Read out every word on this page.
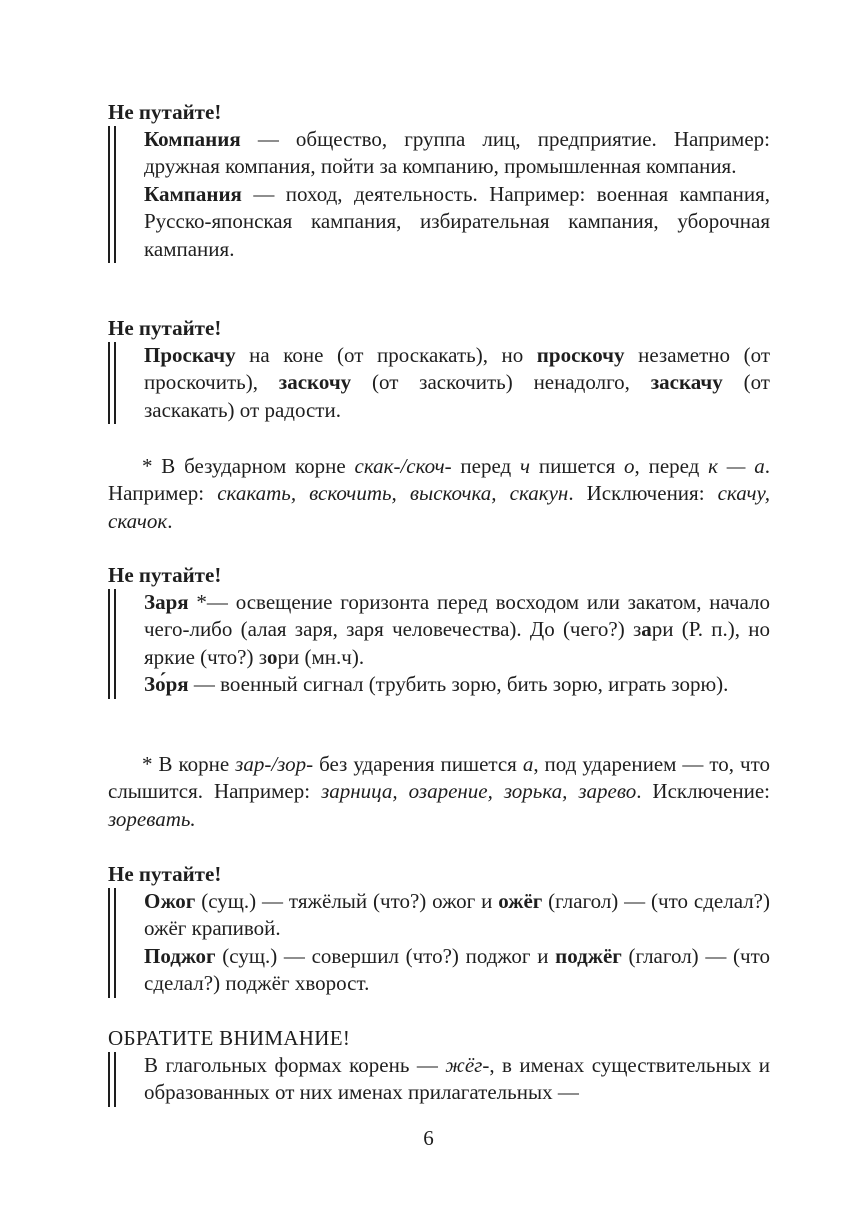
Не путайте!

Компания — общество, группа лиц, предприятие. Например: дружная компания, пойти за компанию, промышленная компания.

Кампания — поход, деятельность. Например: военная кампания, Русско-японская кампания, избирательная кампания, уборочная кампания.

Не путайте!

Проскачу на коне (от проскакать), но проскочу незаметно (от проскочить), заскочу (от заскочить) ненадолго, заскачу (от заскакать) от радости.

* В безударном корне скак-/скоч- перед ч пишется о, перед к — а. Например: скакать, вскочить, выскочка, скакун. Исключения: скачу, скачок.

Не путайте!

Заря *— освещение горизонта перед восходом или закатом, начало чего-либо (алая заря, заря человечества). До (чего?) зари (Р. п.), но яркие (что?) зори (мн.ч).

Зо́ря — военный сигнал (трубить зорю, бить зорю, играть зорю).

* В корне зар-/зор- без ударения пишется а, под ударением — то, что слышится. Например: зарница, озарение, зорька, зарево. Исключение: зоревать.

Не путайте!

Ожог (сущ.) — тяжёлый (что?) ожог и ожёг (глагол) — (что сделал?) ожёг крапивой.

Поджог (сущ.) — совершил (что?) поджог и поджёг (глагол) — (что сделал?) поджёг хворост.

ОБРАТИТЕ ВНИМАНИЕ!

В глагольных формах корень — жёг-, в именах существительных и образованных от них именах прилагательных —

6
